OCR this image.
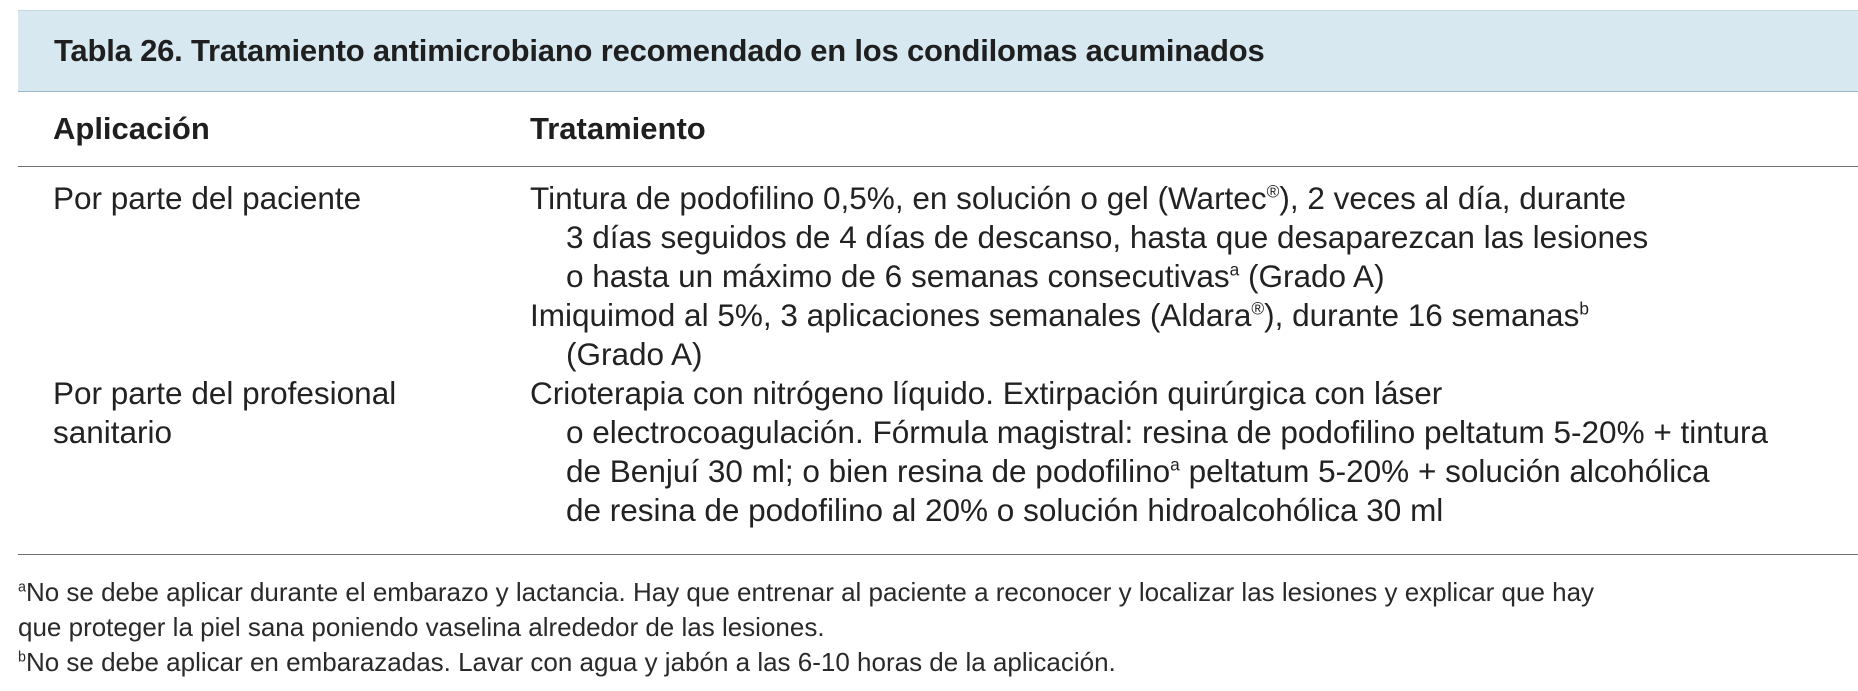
Tabla 26. Tratamiento antimicrobiano recomendado en los condilomas acuminados
Aplicación	Tratamiento
Por parte del paciente	Tintura de podofilino 0,5%, en solución o gel (Wartec®), 2 veces al día, durante
3 días seguidos de 4 días de descanso, hasta que desaparezcan las lesiones
o hasta un máximo de 6 semanas consecutivas$^a$ (Grado A)
Imiquimod al 5%, 3 aplicaciones semanales (Aldara®), durante 16 semanas$^b$
(Grado A)
Por parte del profesional
sanitario
Crioterapia con nitrógeno líquido. Extirpación quirúrgica con láser
o electrocoagulación. Fórmula magistral: resina de podofilino peltatum 5-20% + tintura
de Benjuí 30 ml; o bien resina de podofilino$^a$ peltatum 5-20% + solución alcohólica
de resina de podofilino al 20% o solución hidroalcohólica 30 ml
$^a$No se debe aplicar durante el embarazo y lactancia. Hay que entrenar al paciente a reconocer y localizar las lesiones y explicar que hay
que proteger la piel sana poniendo vaselina alrededor de las lesiones.
$^b$No se debe aplicar en embarazadas. Lavar con agua y jabón a las 6-10 horas de la aplicación.
